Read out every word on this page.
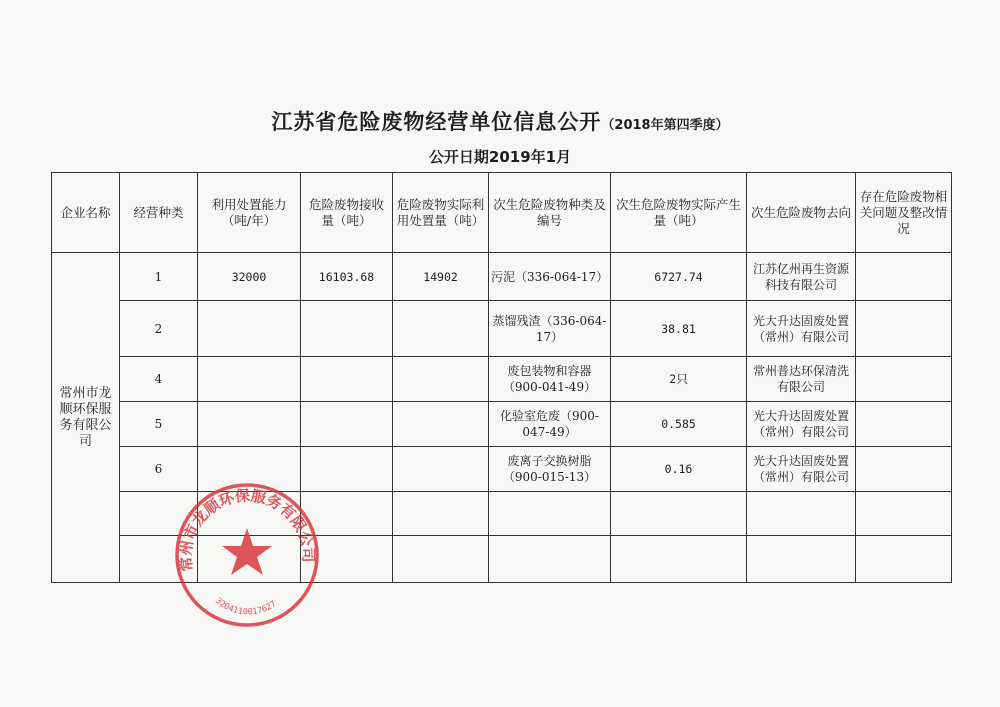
江苏省危险废物经营单位信息公开（2018年第四季度）
公开日期2019年1月
企业名称	经营种类	利用处置能力（吨/年）	危险废物接收量（吨）	危险废物实际利用处置量（吨）	次生危险废物种类及编号	次生危险废物实际产生量（吨）	次生危险废物去向	存在危险废物相关问题及整改情况
常州市龙顺环保服务有限公司	1	32000	16103.68	14902	污泥（336-064-17）	6727.74	江苏亿州再生资源科技有限公司	
	2				蒸馏残渣（336-064-17）	38.81	光大升达固废处置（常州）有限公司	
	4				废包装物和容器（900-041-49）	2只	常州普达环保清洗有限公司	
	5				化验室危废（900-047-49）	0.585	光大升达固废处置（常州）有限公司	
	6				废离子交换树脂（900-015-13）	0.16	光大升达固废处置（常州）有限公司	

常州市龙顺环保服务有限公司
3204110017627
